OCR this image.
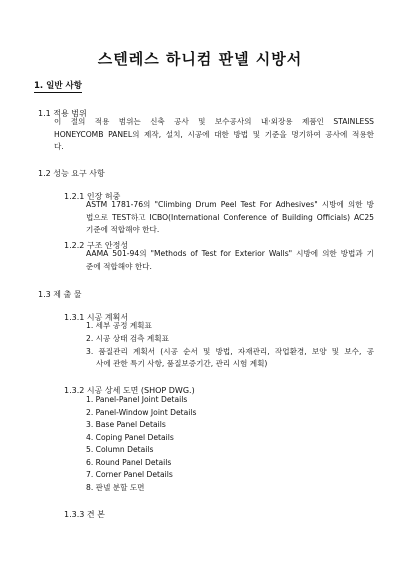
스텐레스 하니컴 판넬 시방서
1. 일반 사항
1.1 적용 범위
이 절의 적용 범위는 신축 공사 및 보수공사의 내·외장용 제품인 STAINLESS
HONEYCOMB PANEL의 제작, 설치, 시공에 대한 방법 및 기준을 명기하여 공사에 적용한
다.
1.2 성능 요구 사항
1.2.1 인장 허중
ASTM 1781-76의 "Climbing Drum Peel Test For Adhesives" 시방에 의한 방
법으로 TEST하고 ICBO(International Conference of Building Officials) AC25
기준에 적합해야 한다.
1.2.2 구조 안정성
AAMA 501-94의 "Methods of Test for Exterior Walls" 시방에 의한 방법과 기
준에 적합해야 한다.
1.3 제 출 물
1.3.1 시공 계획서
1. 세부 공정 계획표
2. 시공 상태 검측 계획표
3. 품질관리 계획서 (시공 순서 및 방법, 자재관리, 작업환경, 보양 및 보수, 공
사에 관한 특기 사항, 품질보증기간, 관리 시험 계획)
1.3.2 시공 상세 도면 (SHOP DWG.)
1. Panel-Panel Joint Details
2. Panel-Window Joint Details
3. Base Panel Details
4. Coping Panel Details
5. Column Details
6. Round Panel Details
7. Corner Panel Details
8. 판넬 분할 도면
1.3.3 견 본
